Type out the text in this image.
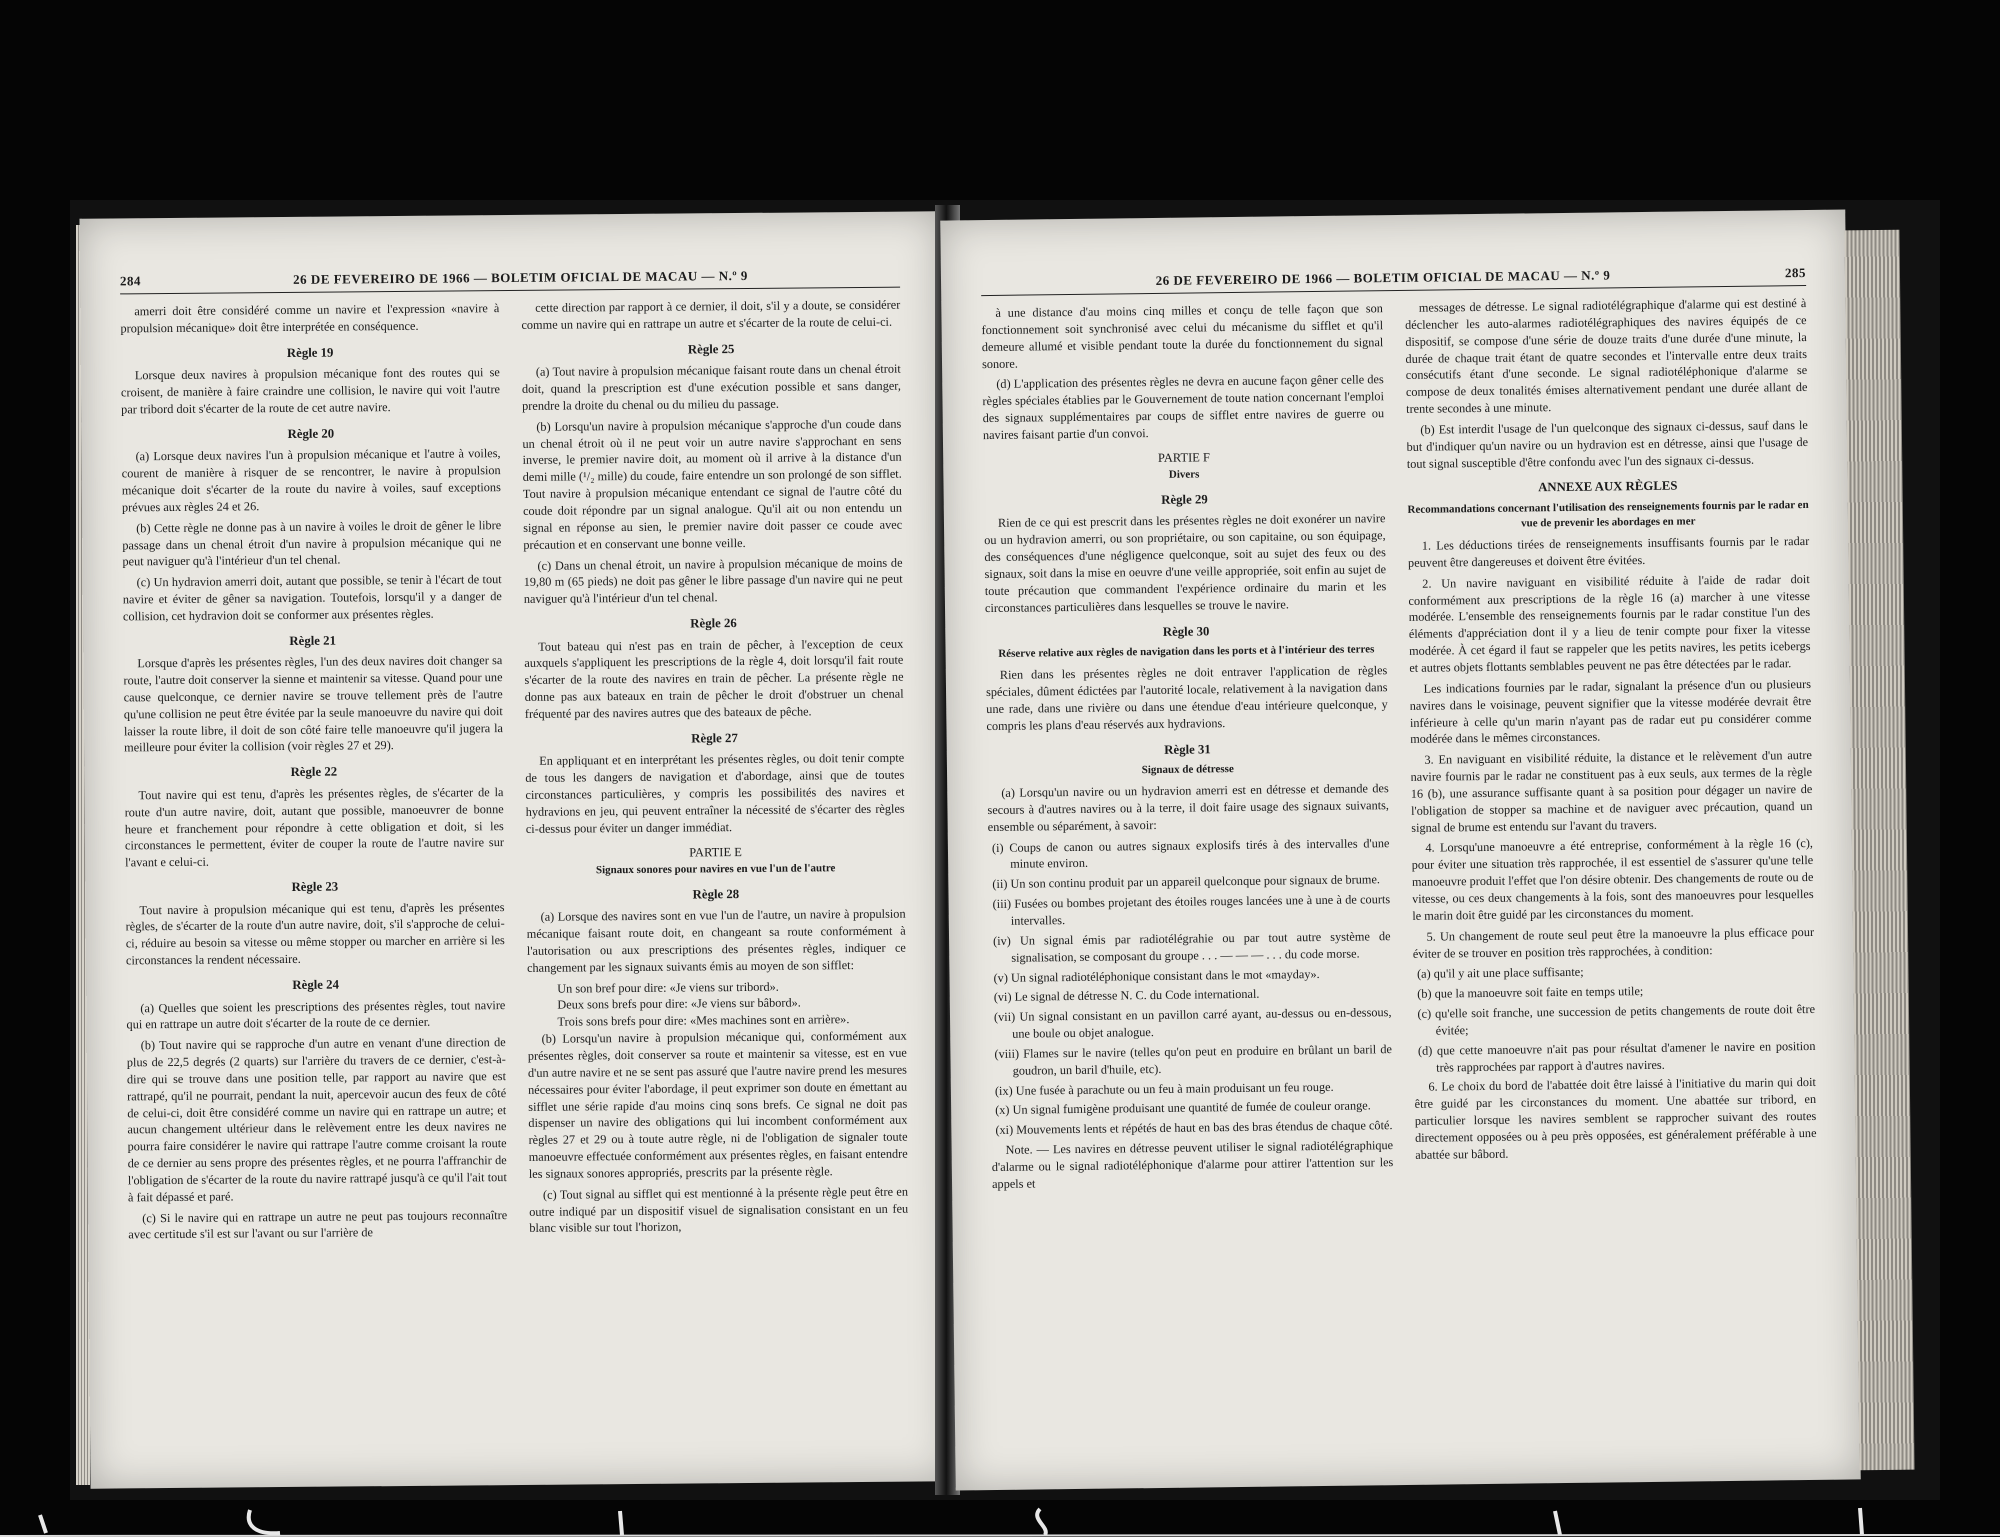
284	26 DE FEVEREIRO DE 1966 — BOLETIM OFICIAL DE MACAU — N.º 9

amerri doit être considéré comme un navire et l'expression «navire à propulsion mécanique» doit être interprétée en conséquence.

Règle 19

Lorsque deux navires à propulsion mécanique font des routes qui se croisent, de manière à faire craindre une collision, le navire qui voit l'autre par tribord doit s'écarter de la route de cet autre navire.

Règle 20

(a) Lorsque deux navires l'un à propulsion mécanique et l'autre à voiles, courent de manière à risquer de se rencontrer, le navire à propulsion mécanique doit s'écarter de la route du navire à voiles, sauf exceptions prévues aux règles 24 et 26.

(b) Cette règle ne donne pas à un navire à voiles le droit de gêner le libre passage dans un chenal étroit d'un navire à propulsion mécanique qui ne peut naviguer qu'à l'intérieur d'un tel chenal.

(c) Un hydravion amerri doit, autant que possible, se tenir à l'écart de tout navire et éviter de gêner sa navigation. Toutefois, lorsqu'il y a danger de collision, cet hydravion doit se conformer aux présentes règles.

Règle 21

Lorsque d'après les présentes règles, l'un des deux navires doit changer sa route, l'autre doit conserver la sienne et maintenir sa vitesse. Quand pour une cause quelconque, ce dernier navire se trouve tellement près de l'autre qu'une collision ne peut être évitée par la seule manoeuvre du navire qui doit laisser la route libre, il doit de son côté faire telle manoeuvre qu'il jugera la meilleure pour éviter la collision (voir règles 27 et 29).

Règle 22

Tout navire qui est tenu, d'après les présentes règles, de s'écarter de la route d'un autre navire, doit, autant que possible, manoeuvrer de bonne heure et franchement pour répondre à cette obligation et doit, si les circonstances le permettent, éviter de couper la route de l'autre navire sur l'avant e celui-ci.

Règle 23

Tout navire à propulsion mécanique qui est tenu, d'après les présentes règles, de s'écarter de la route d'un autre navire, doit, s'il s'approche de celui-ci, réduire au besoin sa vitesse ou même stopper ou marcher en arrière si les circonstances la rendent nécessaire.

Règle 24

(a) Quelles que soient les prescriptions des présentes règles, tout navire qui en rattrape un autre doit s'écarter de la route de ce dernier.

(b) Tout navire qui se rapproche d'un autre en venant d'une direction de plus de 22,5 degrés (2 quarts) sur l'arrière du travers de ce dernier, c'est-à-dire qui se trouve dans une position telle, par rapport au navire que est rattrapé, qu'il ne pourrait, pendant la nuit, apercevoir aucun des feux de côté de celui-ci, doit être considéré comme un navire qui en rattrape un autre; et aucun changement ultérieur dans le relèvement entre les deux navires ne pourra faire considérer le navire qui rattrape l'autre comme croisant la route de ce dernier au sens propre des présentes règles, et ne pourra l'affranchir de l'obligation de s'écarter de la route du navire rattrapé jusqu'à ce qu'il l'ait tout à fait dépassé et paré.

(c) Si le navire qui en rattrape un autre ne peut pas toujours reconnaître avec certitude s'il est sur l'avant ou sur l'arrière de

cette direction par rapport à ce dernier, il doit, s'il y a doute, se considérer comme un navire qui en rattrape un autre et s'écarter de la route de celui-ci.

Règle 25

(a) Tout navire à propulsion mécanique faisant route dans un chenal étroit doit, quand la prescription est d'une exécution possible et sans danger, prendre la droite du chenal ou du milieu du passage.

(b) Lorsqu'un navire à propulsion mécanique s'approche d'un coude dans un chenal étroit où il ne peut voir un autre navire s'approchant en sens inverse, le premier navire doit, au moment où il arrive à la distance d'un demi mille (¹/₂ mille) du coude, faire entendre un son prolongé de son sifflet. Tout navire à propulsion mécanique entendant ce signal de l'autre côté du coude doit répondre par un signal analogue. Qu'il ait ou non entendu un signal en réponse au sien, le premier navire doit passer ce coude avec précaution et en conservant une bonne veille.

(c) Dans un chenal étroit, un navire à propulsion mécanique de moins de 19,80 m (65 pieds) ne doit pas gêner le libre passage d'un navire qui ne peut naviguer qu'à l'intérieur d'un tel chenal.

Règle 26

Tout bateau qui n'est pas en train de pêcher, à l'exception de ceux auxquels s'appliquent les prescriptions de la règle 4, doit lorsqu'il fait route s'écarter de la route des navires en train de pêcher. La présente règle ne donne pas aux bateaux en train de pêcher le droit d'obstruer un chenal fréquenté par des navires autres que des bateaux de pêche.

Règle 27

En appliquant et en interprétant les présentes règles, ou doit tenir compte de tous les dangers de navigation et d'abordage, ainsi que de toutes circonstances particulières, y compris les possibilités des navires et hydravions en jeu, qui peuvent entraîner la nécessité de s'écarter des règles ci-dessus pour éviter un danger immédiat.

PARTIE E
Signaux sonores pour navires en vue l'un de l'autre
Règle 28

(a) Lorsque des navires sont en vue l'un de l'autre, un navire à propulsion mécanique faisant route doit, en changeant sa route conformément à l'autorisation ou aux prescriptions des présentes règles, indiquer ce changement par les signaux suivants émis au moyen de son sifflet:

Un son bref pour dire: «Je viens sur tribord».
Deux sons brefs pour dire: «Je viens sur bâbord».
Trois sons brefs pour dire: «Mes machines sont en arrière».

(b) Lorsqu'un navire à propulsion mécanique qui, conformément aux présentes règles, doit conserver sa route et maintenir sa vitesse, est en vue d'un autre navire et ne se sent pas assuré que l'autre navire prend les mesures nécessaires pour éviter l'abordage, il peut exprimer son doute en émettant au sifflet une série rapide d'au moins cinq sons brefs. Ce signal ne doit pas dispenser un navire des obligations qui lui incombent conformément aux règles 27 et 29 ou à toute autre règle, ni de l'obligation de signaler toute manoeuvre effectuée conformément aux présentes règles, en faisant entendre les signaux sonores appropriés, prescrits par la présente règle.

(c) Tout signal au sifflet qui est mentionné à la présente règle peut être en outre indiqué par un dispositif visuel de signalisation consistant en un feu blanc visible sur tout l'horizon,

26 DE FEVEREIRO DE 1966 — BOLETIM OFICIAL DE MACAU — N.º 9	285

à une distance d'au moins cinq milles et conçu de telle façon que son fonctionnement soit synchronisé avec celui du mécanisme du sifflet et qu'il demeure allumé et visible pendant toute la durée du fonctionnement du signal sonore.

(d) L'application des présentes règles ne devra en aucune façon gêner celle des règles spéciales établies par le Gouvernement de toute nation concernant l'emploi des signaux supplémentaires par coups de sifflet entre navires de guerre ou navires faisant partie d'un convoi.

PARTIE F
Divers
Règle 29

Rien de ce qui est prescrit dans les présentes règles ne doit exonérer un navire ou un hydravion amerri, ou son propriétaire, ou son capitaine, ou son équipage, des conséquences d'une négligence quelconque, soit au sujet des feux ou des signaux, soit dans la mise en oeuvre d'une veille appropriée, soit enfin au sujet de toute précaution que commandent l'expérience ordinaire du marin et les circonstances particulières dans lesquelles se trouve le navire.

Règle 30
Réserve relative aux règles de navigation dans les ports et à l'intérieur des terres

Rien dans les présentes règles ne doit entraver l'application de règles spéciales, dûment édictées par l'autorité locale, relativement à la navigation dans une rade, dans une rivière ou dans une étendue d'eau intérieure quelconque, y compris les plans d'eau réservés aux hydravions.

Règle 31
Signaux de détresse

(a) Lorsqu'un navire ou un hydravion amerri est en détresse et demande des secours à d'autres navires ou à la terre, il doit faire usage des signaux suivants, ensemble ou séparément, à savoir:

(i) Coups de canon ou autres signaux explosifs tirés à des intervalles d'une minute environ.
(ii) Un son continu produit par un appareil quelconque pour signaux de brume.
(iii) Fusées ou bombes projetant des étoiles rouges lancées une à une à de courts intervalles.
(iv) Un signal émis par radiotélégrahie ou par tout autre système de signalisation, se composant du groupe . . . — — — . . . du code morse.
(v) Un signal radiotéléphonique consistant dans le mot «mayday».
(vi) Le signal de détresse N. C. du Code international.
(vii) Un signal consistant en un pavillon carré ayant, au-dessus ou en-dessous, une boule ou objet analogue.
(viii) Flames sur le navire (telles qu'on peut en produire en brûlant un baril de goudron, un baril d'huile, etc).
(ix) Une fusée à parachute ou un feu à main produisant un feu rouge.
(x) Un signal fumigène produisant une quantité de fumée de couleur orange.
(xi) Mouvements lents et répétés de haut en bas des bras étendus de chaque côté.

Note. — Les navires en détresse peuvent utiliser le signal radiotélégraphique d'alarme ou le signal radiotéléphonique d'alarme pour attirer l'attention sur les appels et

messages de détresse. Le signal radiotélégraphique d'alarme qui est destiné à déclencher les auto-alarmes radiotélégraphiques des navires équipés de ce dispositif, se compose d'une série de douze traits d'une durée d'une minute, la durée de chaque trait étant de quatre secondes et l'intervalle entre deux traits consécutifs étant d'une seconde. Le signal radiotéléphonique d'alarme se compose de deux tonalités émises alternativement pendant une durée allant de trente secondes à une minute.

(b) Est interdit l'usage de l'un quelconque des signaux ci-dessus, sauf dans le but d'indiquer qu'un navire ou un hydravion est en détresse, ainsi que l'usage de tout signal susceptible d'être confondu avec l'un des signaux ci-dessus.

ANNEXE AUX RÈGLES
Recommandations concernant l'utilisation des renseignements fournis par le radar en vue de prevenir les abordages en mer

1. Les déductions tirées de renseignements insuffisants fournis par le radar peuvent être dangereuses et doivent être évitées.

2. Un navire naviguant en visibilité réduite à l'aide de radar doit conformément aux prescriptions de la règle 16 (a) marcher à une vitesse modérée. L'ensemble des renseignements fournis par le radar constitue l'un des éléments d'appréciation dont il y a lieu de tenir compte pour fixer la vitesse modérée. À cet égard il faut se rappeler que les petits navires, les petits icebergs et autres objets flottants semblables peuvent ne pas être détectées par le radar.

Les indications fournies par le radar, signalant la présence d'un ou plusieurs navires dans le voisinage, peuvent signifier que la vitesse modérée devrait être inférieure à celle qu'un marin n'ayant pas de radar eut pu considérer comme modérée dans le mêmes circonstances.

3. En naviguant en visibilité réduite, la distance et le relèvement d'un autre navire fournis par le radar ne constituent pas à eux seuls, aux termes de la règle 16 (b), une assurance suffisante quant à sa position pour dégager un navire de l'obligation de stopper sa machine et de naviguer avec précaution, quand un signal de brume est entendu sur l'avant du travers.

4. Lorsqu'une manoeuvre a été entreprise, conformément à la règle 16 (c), pour éviter une situation très rapprochée, il est essentiel de s'assurer qu'une telle manoeuvre produit l'effet que l'on désire obtenir. Des changements de route ou de vitesse, ou ces deux changements à la fois, sont des manoeuvres pour lesquelles le marin doit être guidé par les circonstances du moment.

5. Un changement de route seul peut être la manoeuvre la plus efficace pour éviter de se trouver en position très rapprochées, à condition:

(a) qu'il y ait une place suffisante;
(b) que la manoeuvre soit faite en temps utile;
(c) qu'elle soit franche, une succession de petits changements de route doit être évitée;
(d) que cette manoeuvre n'ait pas pour résultat d'amener le navire en position très rapprochées par rapport à d'autres navires.

6. Le choix du bord de l'abattée doit être laissé à l'initiative du marin qui doit être guidé par les circonstances du moment. Une abattée sur tribord, en particulier lorsque les navires semblent se rapprocher suivant des routes directement opposées ou à peu près opposées, est généralement préférable à une abattée sur bâbord.
